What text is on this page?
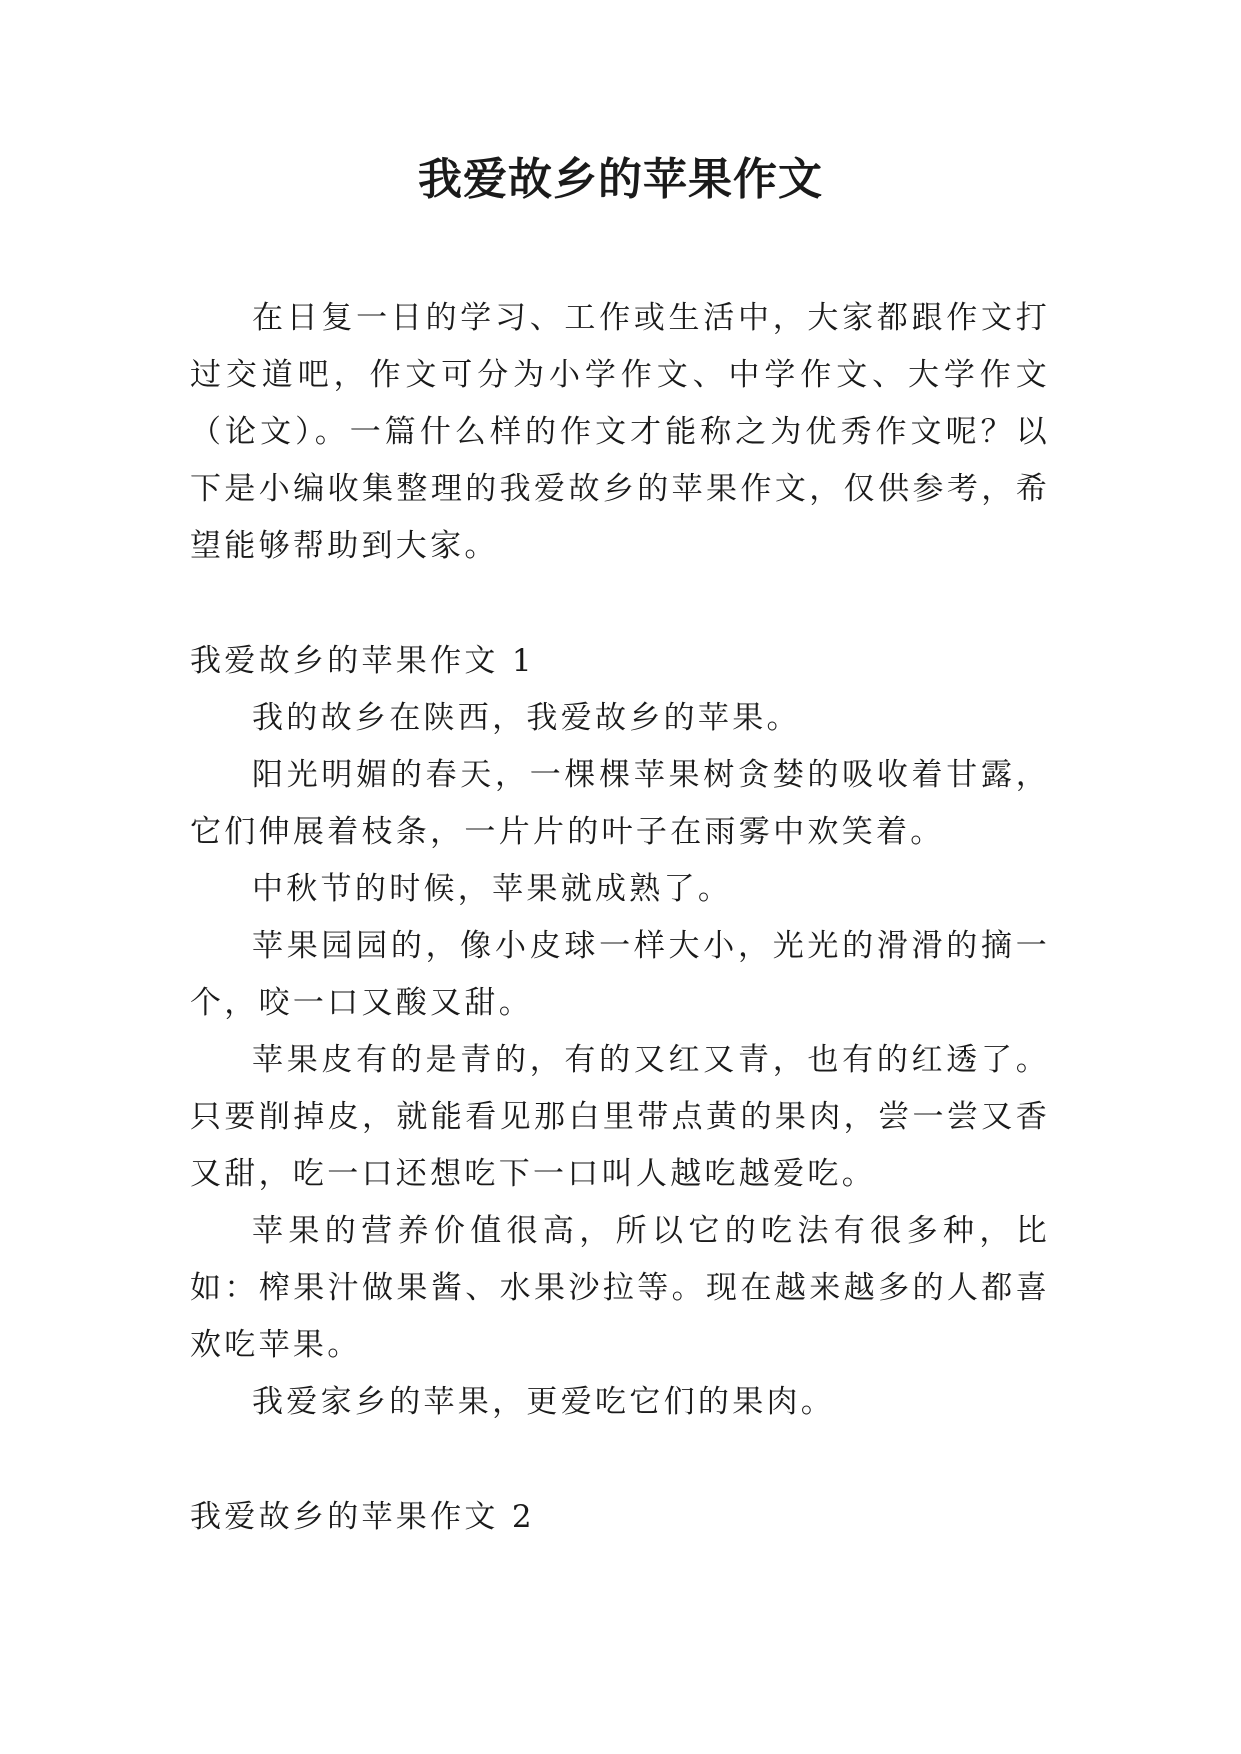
我爱故乡的苹果作文

在日复一日的学习、工作或生活中，大家都跟作文打过交道吧，作文可分为小学作文、中学作文、大学作文（论文）。一篇什么样的作文才能称之为优秀作文呢？以下是小编收集整理的我爱故乡的苹果作文，仅供参考，希望能够帮助到大家。

我爱故乡的苹果作文 1

我的故乡在陕西，我爱故乡的苹果。

阳光明媚的春天，一棵棵苹果树贪婪的吸收着甘露，它们伸展着枝条，一片片的叶子在雨雾中欢笑着。

中秋节的时候，苹果就成熟了。

苹果园园的，像小皮球一样大小，光光的滑滑的摘一个，咬一口又酸又甜。

苹果皮有的是青的，有的又红又青，也有的红透了。只要削掉皮，就能看见那白里带点黄的果肉，尝一尝又香又甜，吃一口还想吃下一口叫人越吃越爱吃。

苹果的营养价值很高，所以它的吃法有很多种，比如：榨果汁做果酱、水果沙拉等。现在越来越多的人都喜欢吃苹果。

我爱家乡的苹果，更爱吃它们的果肉。

我爱故乡的苹果作文 2
